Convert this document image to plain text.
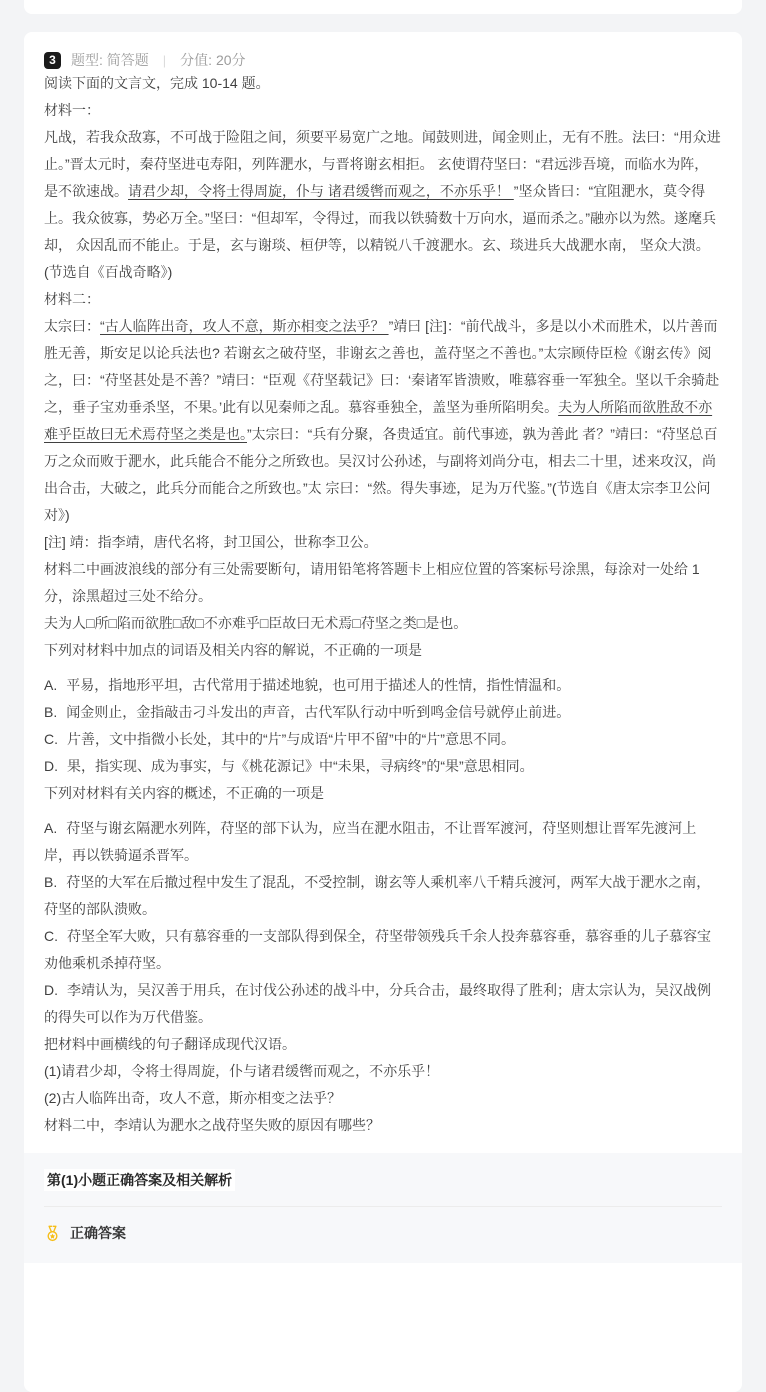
3	题型: 简答题 | 分值: 20分

阅读下面的文言文，完成 10-14 题。

材料一：

凡战，若我众敌寡，不可战于险阻之间，须要平易宽广之地。闻鼓则进，闻金则止，无有不胜。法曰：“用众进止。”晋太元时，秦苻坚进屯寿阳，列阵淝水，与晋将谢玄相拒。 玄使谓苻坚曰：“君远涉吾境，而临水为阵，是不欲速战。请君少却，令将士得周旋，仆与 诸君缓辔而观之，不亦乐乎！ ”坚众皆曰：“宜阻淝水，莫令得上。我众彼寡，势必万全。”坚曰：“但却军，令得过，而我以铁骑数十万向水，逼而杀之。”融亦以为然。遂麾兵却， 众因乱而不能止。于是，玄与谢琰、桓伊等，以精锐八千渡淝水。玄、琰进兵大战淝水南， 坚众大溃。(节选自《百战奇略》)

材料二：

太宗曰：“古人临阵出奇，攻人不意，斯亦相变之法乎？ ”靖曰 [注]：“前代战斗，多是以小术而胜术，以片善而胜无善，斯安足以论兵法也? 若谢玄之破苻坚，非谢玄之善也，盖苻坚之不善也。”太宗顾侍臣检《谢玄传》阅之，曰：“苻坚甚处是不善？”靖曰：“臣观《苻坚载记》曰：‘秦诸军皆溃败，唯慕容垂一军独全。坚以千余骑赴之，垂子宝劝垂杀坚，不果。’此有以见秦师之乱。慕容垂独全，盖坚为垂所陷明矣。夫为人所陷而欲胜敌不亦 难乎臣故曰无术焉苻坚之类是也。”太宗曰：“兵有分聚，各贵适宜。前代事迹，孰为善此 者？”靖曰：“苻坚总百万之众而败于淝水，此兵能合不能分之所致也。吴汉讨公孙述，与副将刘尚分屯，相去二十里，述来攻汉，尚出合击，大破之，此兵分而能合之所致也。”太 宗曰：“然。得失事迹，足为万代鉴。”(节选自《唐太宗李卫公问对》)

[注] 靖：指李靖，唐代名将，封卫国公，世称李卫公。

材料二中画波浪线的部分有三处需要断句，请用铅笔将答题卡上相应位置的答案标号涂黑，每涂对一处给 1 分，涂黑超过三处不给分。

夫为人□所□陷而欲胜□敌□不亦难乎□臣故曰无术焉□苻坚之类□是也。

下列对材料中加点的词语及相关内容的解说，不正确的一项是

A. 平易，指地形平坦，古代常用于描述地貌，也可用于描述人的性情，指性情温和。

B. 闻金则止，金指敲击刁斗发出的声音，古代军队行动中听到鸣金信号就停止前进。

C. 片善，文中指微小长处，其中的“片”与成语“片甲不留”中的“片”意思不同。

D. 果，指实现、成为事实，与《桃花源记》中“未果，寻病终”的“果”意思相同。

下列对材料有关内容的概述，不正确的一项是

A. 苻坚与谢玄隔淝水列阵，苻坚的部下认为，应当在淝水阻击，不让晋军渡河，苻坚则想让晋军先渡河上岸，再以铁骑逼杀晋军。

B. 苻坚的大军在后撤过程中发生了混乱，不受控制，谢玄等人乘机率八千精兵渡河，两军大战于淝水之南，苻坚的部队溃败。

C. 苻坚全军大败，只有慕容垂的一支部队得到保全，苻坚带领残兵千余人投奔慕容垂，慕容垂的儿子慕容宝劝他乘机杀掉苻坚。

D. 李靖认为，吴汉善于用兵，在讨伐公孙述的战斗中，分兵合击，最终取得了胜利；唐太宗认为，吴汉战例的得失可以作为万代借鉴。

把材料中画横线的句子翻译成现代汉语。

(1)请君少却，令将士得周旋，仆与诸君缓辔而观之，不亦乐乎！

(2)古人临阵出奇，攻人不意，斯亦相变之法乎？

材料二中，李靖认为淝水之战苻坚失败的原因有哪些？

第(1)小题正确答案及相关解析
正确答案
